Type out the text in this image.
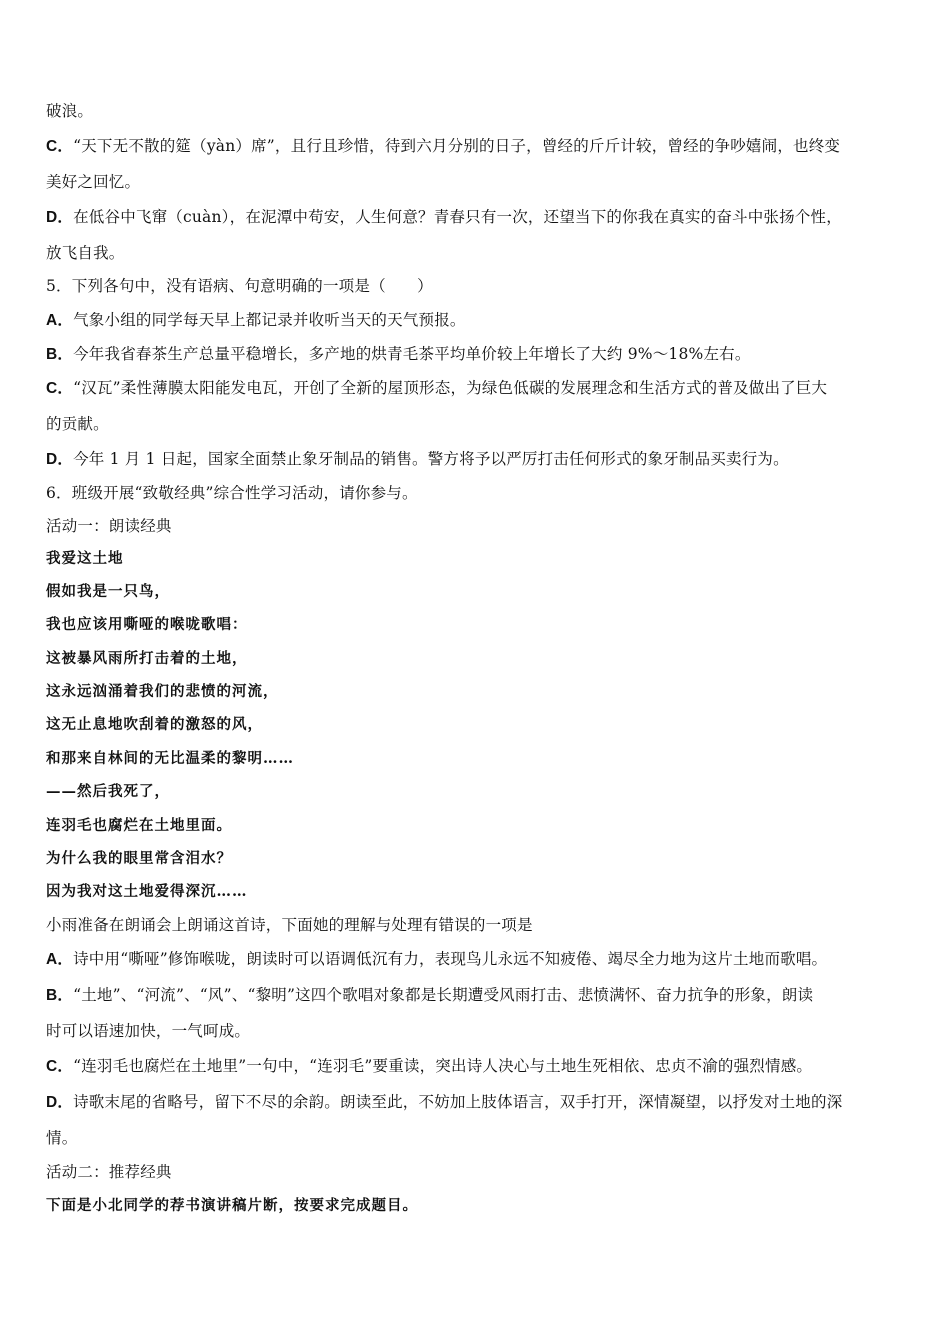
破浪。
C．“天下无不散的筵（yàn）席”，且行且珍惜，待到六月分别的日子，曾经的斤斤计较，曾经的争吵嬉闹，也终变
美好之回忆。
D．在低谷中飞窜（cuàn），在泥潭中苟安，人生何意？青春只有一次，还望当下的你我在真实的奋斗中张扬个性，
放飞自我。
5．下列各句中，没有语病、句意明确的一项是（　　）
A．气象小组的同学每天早上都记录并收听当天的天气预报。
B．今年我省春茶生产总量平稳增长，多产地的烘青毛茶平均单价较上年增长了大约 9%～18%左右。
C．“汉瓦”柔性薄膜太阳能发电瓦，开创了全新的屋顶形态，为绿色低碳的发展理念和生活方式的普及做出了巨大
的贡献。
D．今年 1 月 1 日起，国家全面禁止象牙制品的销售。警方将予以严厉打击任何形式的象牙制品买卖行为。
6．班级开展“致敬经典”综合性学习活动，请你参与。
活动一：朗读经典
我爱这土地
假如我是一只鸟，
我也应该用嘶哑的喉咙歌唱：
这被暴风雨所打击着的土地，
这永远汹涌着我们的悲愤的河流，
这无止息地吹刮着的激怒的风，
和那来自林间的无比温柔的黎明……
——然后我死了，
连羽毛也腐烂在土地里面。
为什么我的眼里常含泪水？
因为我对这土地爱得深沉……
小雨准备在朗诵会上朗诵这首诗，下面她的理解与处理有错误的一项是
A．诗中用“嘶哑”修饰喉咙，朗读时可以语调低沉有力，表现鸟儿永远不知疲倦、竭尽全力地为这片土地而歌唱。
B．“土地”、“河流”、“风”、“黎明”这四个歌唱对象都是长期遭受风雨打击、悲愤满怀、奋力抗争的形象，朗读
时可以语速加快，一气呵成。
C．“连羽毛也腐烂在土地里”一句中，“连羽毛”要重读，突出诗人决心与土地生死相依、忠贞不渝的强烈情感。
D．诗歌末尾的省略号，留下不尽的余韵。朗读至此，不妨加上肢体语言，双手打开，深情凝望，以抒发对土地的深
情。
活动二：推荐经典
下面是小北同学的荐书演讲稿片断，按要求完成题目。
